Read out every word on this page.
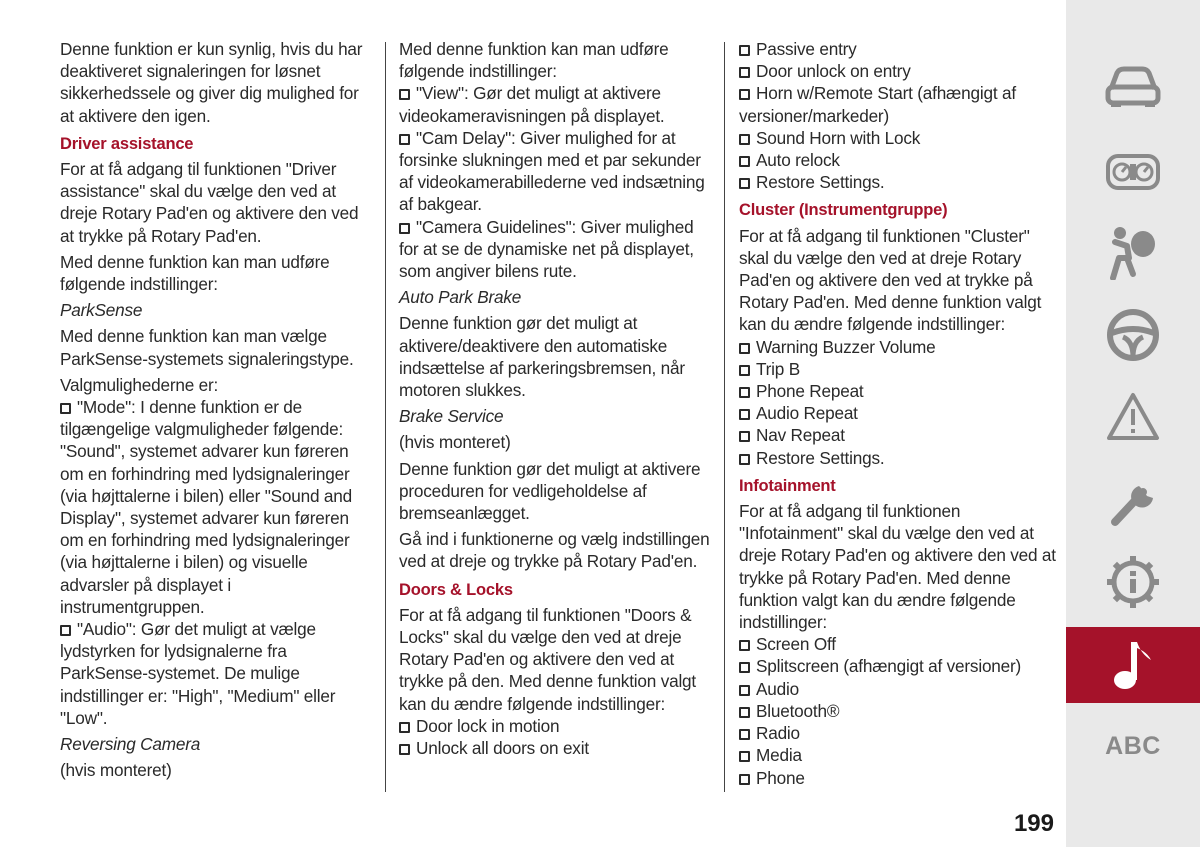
Denne funktion er kun synlig, hvis du har deaktiveret signaleringen for løsnet sikkerhedssele og giver dig mulighed for at aktivere den igen.

Driver assistance

For at få adgang til funktionen "Driver assistance" skal du vælge den ved at dreje Rotary Pad'en og aktivere den ved at trykke på Rotary Pad'en.

Med denne funktion kan man udføre følgende indstillinger:

ParkSense

Med denne funktion kan man vælge ParkSense-systemets signaleringstype.

Valgmulighederne er:

"Mode": I denne funktion er de tilgængelige valgmuligheder følgende: "Sound", systemet advarer kun føreren om en forhindring med lydsignaleringer (via højttalerne i bilen) eller "Sound and Display", systemet advarer kun føreren om en forhindring med lydsignaleringer (via højttalerne i bilen) og visuelle advarsler på displayet i instrumentgruppen.

"Audio": Gør det muligt at vælge lydstyrken for lydsignalerne fra ParkSense-systemet. De mulige indstillinger er: "High", "Medium" eller "Low".

Reversing Camera

(hvis monteret)

Med denne funktion kan man udføre følgende indstillinger:

"View": Gør det muligt at aktivere videokameravisningen på displayet.

"Cam Delay": Giver mulighed for at forsinke slukningen med et par sekunder af videokamerabillederne ved indsætning af bakgear.

"Camera Guidelines": Giver mulighed for at se de dynamiske net på displayet, som angiver bilens rute.

Auto Park Brake

Denne funktion gør det muligt at aktivere/deaktivere den automatiske indsættelse af parkeringsbremsen, når motoren slukkes.

Brake Service

(hvis monteret)

Denne funktion gør det muligt at aktivere proceduren for vedligeholdelse af bremseanlægget.

Gå ind i funktionerne og vælg indstillingen ved at dreje og trykke på Rotary Pad'en.

Doors & Locks

For at få adgang til funktionen "Doors & Locks" skal du vælge den ved at dreje Rotary Pad'en og aktivere den ved at trykke på den. Med denne funktion valgt kan du ændre følgende indstillinger:

Door lock in motion

Unlock all doors on exit

Passive entry

Door unlock on entry

Horn w/Remote Start (afhængigt af versioner/markeder)

Sound Horn with Lock

Auto relock

Restore Settings.

Cluster (Instrumentgruppe)

For at få adgang til funktionen "Cluster" skal du vælge den ved at dreje Rotary Pad'en og aktivere den ved at trykke på Rotary Pad'en. Med denne funktion valgt kan du ændre følgende indstillinger:

Warning Buzzer Volume

Trip B

Phone Repeat

Audio Repeat

Nav Repeat

Restore Settings.

Infotainment

For at få adgang til funktionen "Infotainment" skal du vælge den ved at dreje Rotary Pad'en og aktivere den ved at trykke på Rotary Pad'en. Med denne funktion valgt kan du ændre følgende indstillinger:

Screen Off

Splitscreen (afhængigt af versioner)

Audio

Bluetooth®

Radio

Media

Phone

ABC
199
